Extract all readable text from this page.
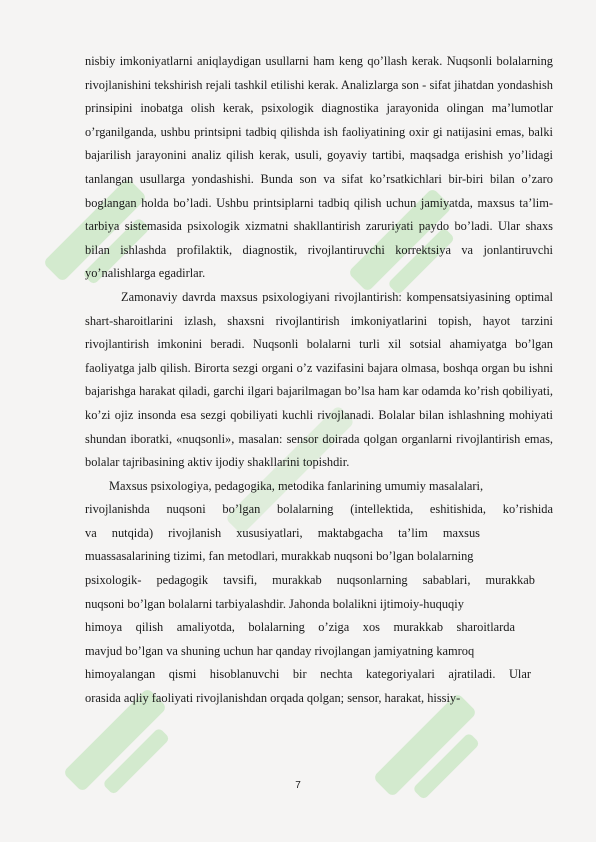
nisbiy imkoniyatlarni aniqlaydigan usullarni ham keng qo’llash kerak. Nuqsonli bolalarning rivojlanishini tekshirish rejali tashkil etilishi kerak. Analizlarga son - sifat jihatdan yondashish prinsipini inobatga olish kerak, psixologik diagnostika jarayonida olingan ma’lumotlar o’rganilganda, ushbu printsipni tadbiq qilishda ish faoliyatining oxir gi natijasini emas, balki bajarilish jarayonini analiz qilish kerak, usuli, goyaviy tartibi, maqsadga erishish yo’lidagi tanlangan usullarga yondashishi. Bunda son va sifat ko’rsatkichlari bir-biri bilan o’zaro boglangan holda bo’ladi. Ushbu printsiplarni tadbiq qilish uchun jamiyatda, maxsus ta’lim-tarbiya sistemasida psixologik xizmatni shakllantirish zaruriyati paydo bo’ladi. Ular shaxs bilan ishlashda profilaktik, diagnostik, rivojlantiruvchi korrektsiya va jonlantiruvchi yo’nalishlarga egadirlar.

Zamonaviy davrda maxsus psixologiyani rivojlantirish: kompensatsiyasining optimal shart-sharoitlarini izlash, shaxsni rivojlantirish imkoniyatlarini topish, hayot tarzini rivojlantirish imkonini beradi. Nuqsonli bolalarni turli xil sotsial ahamiyatga bo’lgan faoliyatga jalb qilish. Birorta sezgi organi o’z vazifasini bajara olmasa, boshqa organ bu ishni bajarishga harakat qiladi, garchi ilgari bajarilmagan bo’lsa ham kar odamda ko’rish qobiliyati, ko’zi ojiz insonda esa sezgi qobiliyati kuchli rivojlanadi. Bolalar bilan ishlashning mohiyati shundan iboratki, «nuqsonli», masalan: sensor doirada qolgan organlarni rivojlantirish emas, bolalar tajribasining aktiv ijodiy shakllarini topishdir.

Maxsus psixologiya, pedagogika, metodika fanlarining umumiy masalalari,
rivojlanishda nuqsoni bo’lgan bolalarning (intellektida, eshitishida, ko’rishida
va nutqida) rivojlanish xususiyatlari, maktabgacha ta’lim maxsus
muassasalarining tizimi, fan metodlari, murakkab nuqsoni bo’lgan bolalarning
psixologik- pedagogik tavsifi, murakkab nuqsonlarning sabablari, murakkab
nuqsoni bo’lgan bolalarni tarbiyalashdir. Jahonda bolalikni ijtimoiy-huquqiy
himoya qilish amaliyotda, bolalarning o’ziga xos murakkab sharoitlarda
mavjud bo’lgan va shuning uchun har qanday rivojlangan jamiyatning kamroq
himoyalangan qismi hisoblanuvchi bir nechta kategoriyalari ajratiladi. Ular
orasida aqliy faoliyati rivojlanishdan orqada qolgan; sensor, harakat, hissiy-
7
